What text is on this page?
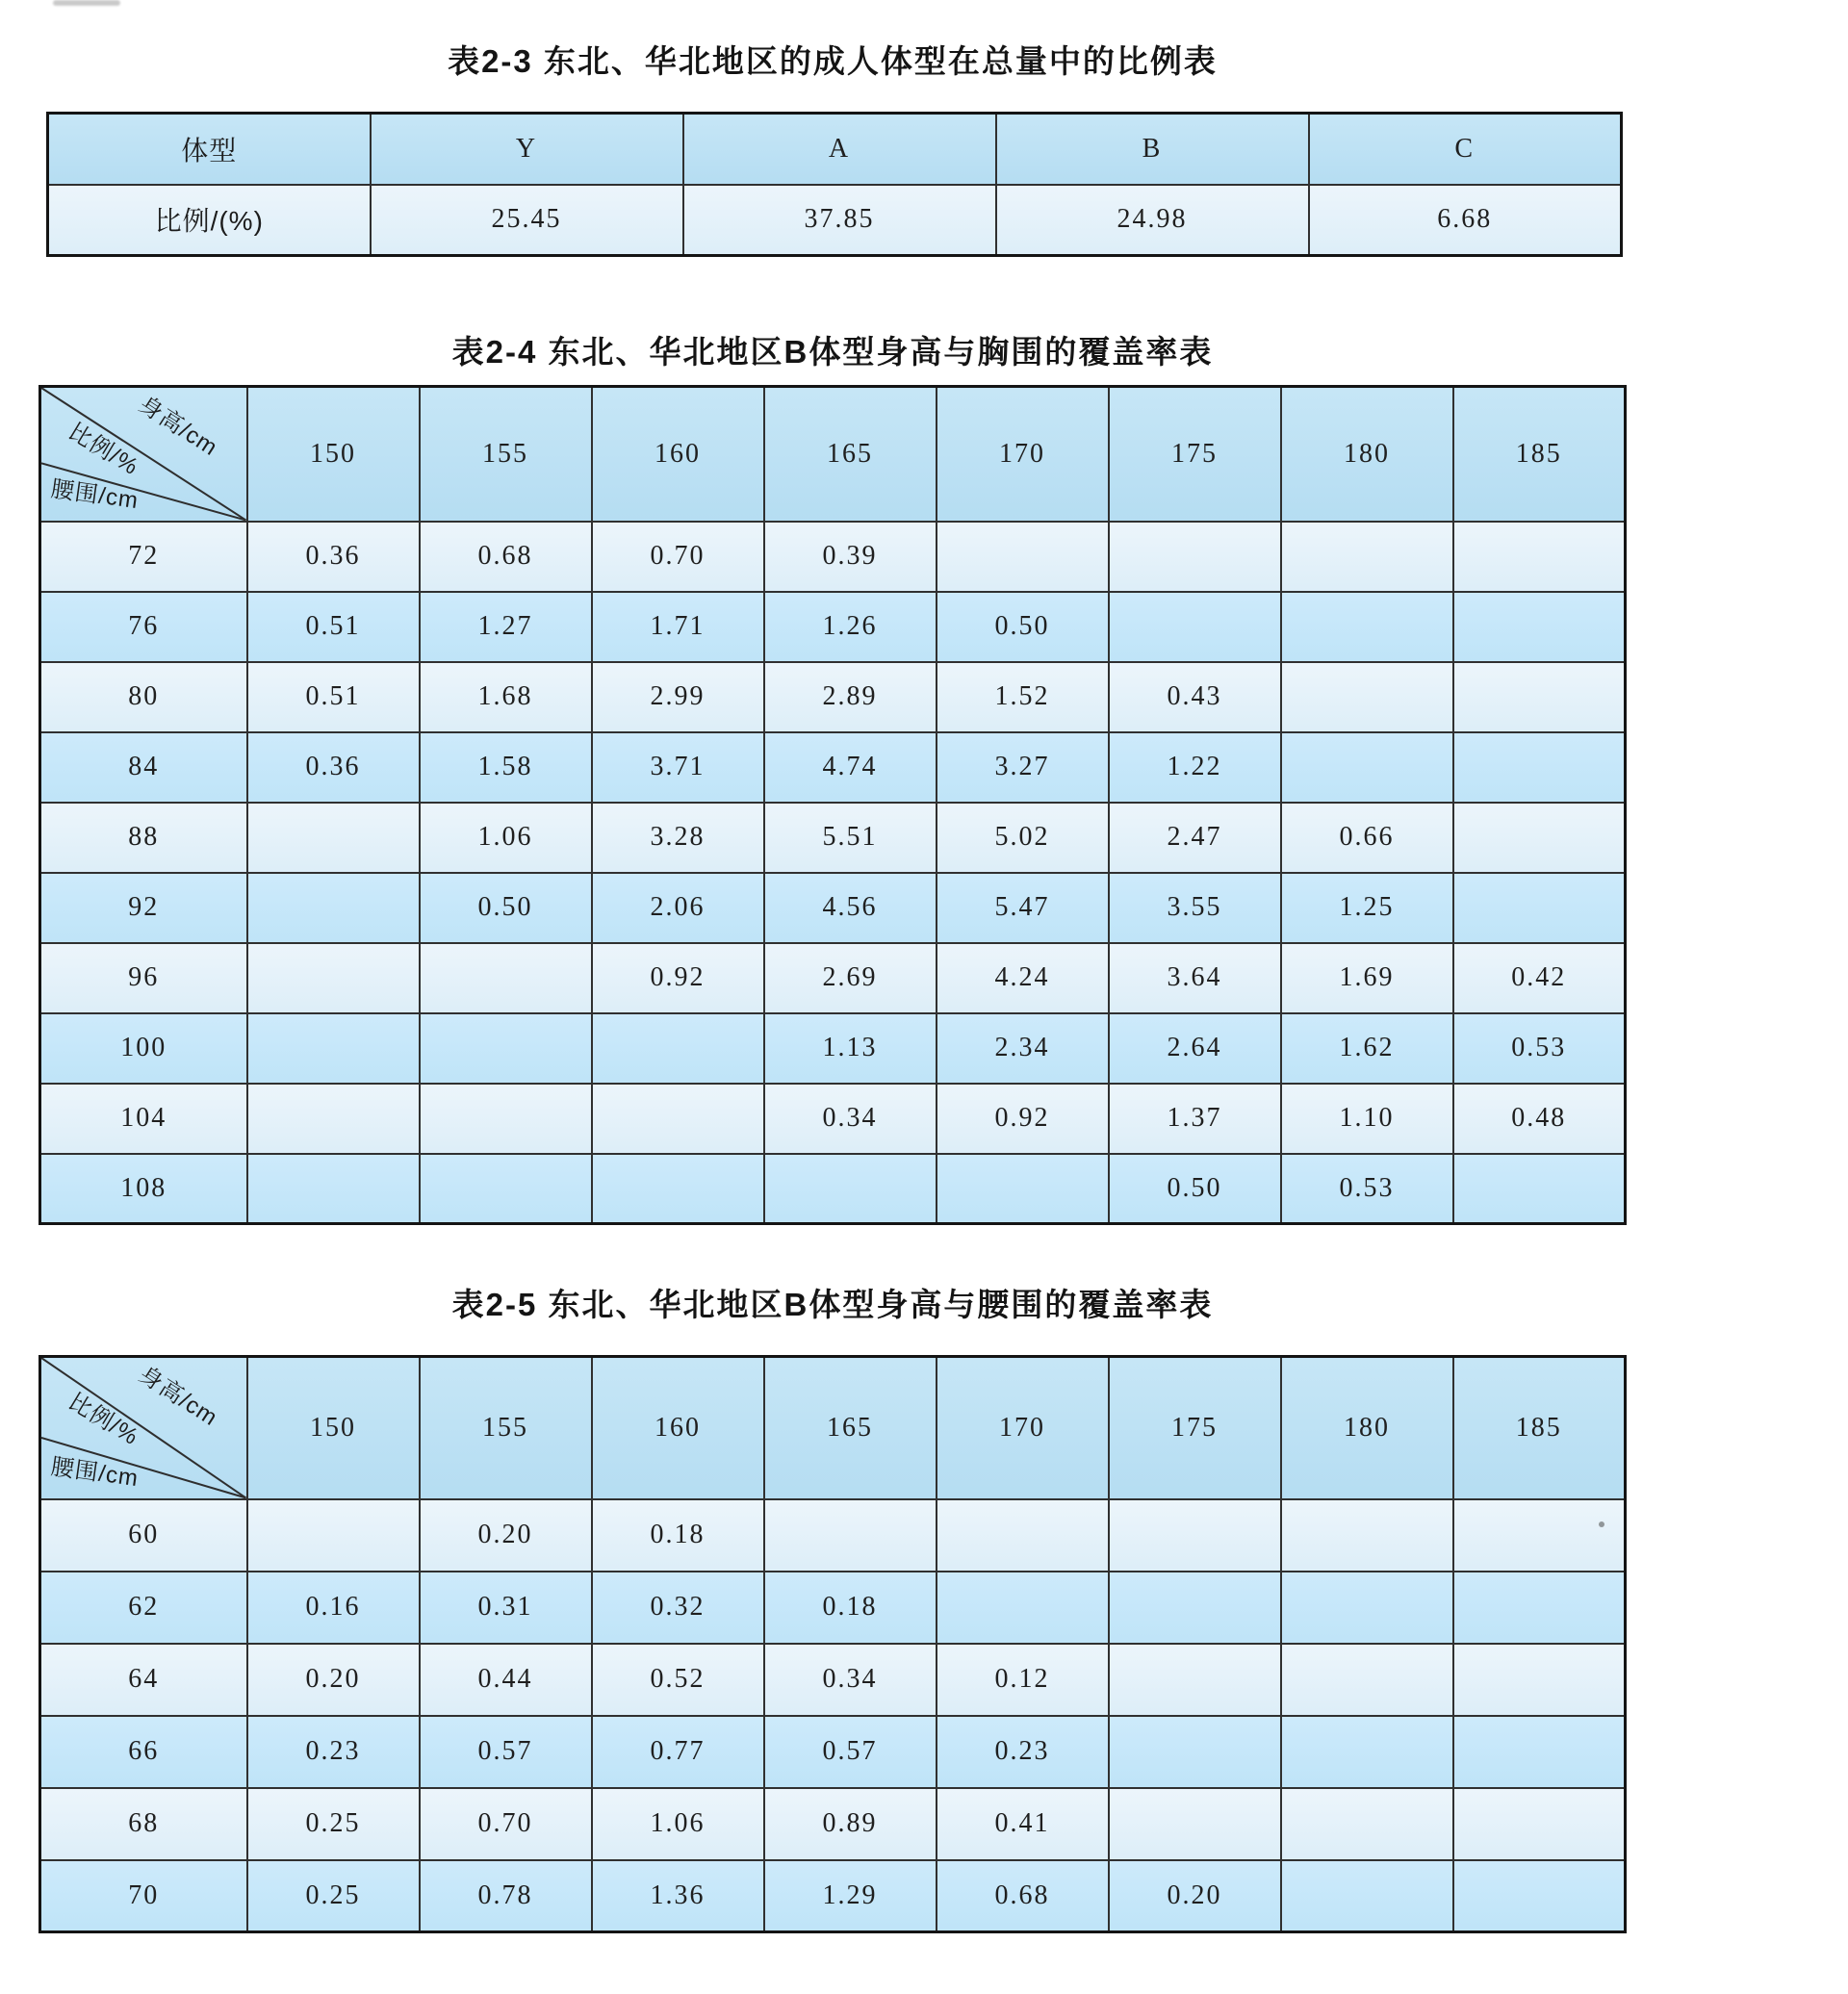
表2-3 东北、华北地区的成人体型在总量中的比例表
体型	Y	A	B	C
比例/(%)	25.45	37.85	24.98	6.68
表2-4 东北、华北地区B体型身高与胸围的覆盖率表
身高/cm
比例/%
腰围/cm	150	155	160	165	170	175	180	185
72	0.36	0.68	0.70	0.39				
76	0.51	1.27	1.71	1.26	0.50			
80	0.51	1.68	2.99	2.89	1.52	0.43		
84	0.36	1.58	3.71	4.74	3.27	1.22		
88		1.06	3.28	5.51	5.02	2.47	0.66	
92		0.50	2.06	4.56	5.47	3.55	1.25	
96			0.92	2.69	4.24	3.64	1.69	0.42
100				1.13	2.34	2.64	1.62	0.53
104				0.34	0.92	1.37	1.10	0.48
108						0.50	0.53	
表2-5 东北、华北地区B体型身高与腰围的覆盖率表
身高/cm
比例/%
腰围/cm	150	155	160	165	170	175	180	185
60		0.20	0.18					
62	0.16	0.31	0.32	0.18				
64	0.20	0.44	0.52	0.34	0.12			
66	0.23	0.57	0.77	0.57	0.23			
68	0.25	0.70	1.06	0.89	0.41			
70	0.25	0.78	1.36	1.29	0.68	0.20		
